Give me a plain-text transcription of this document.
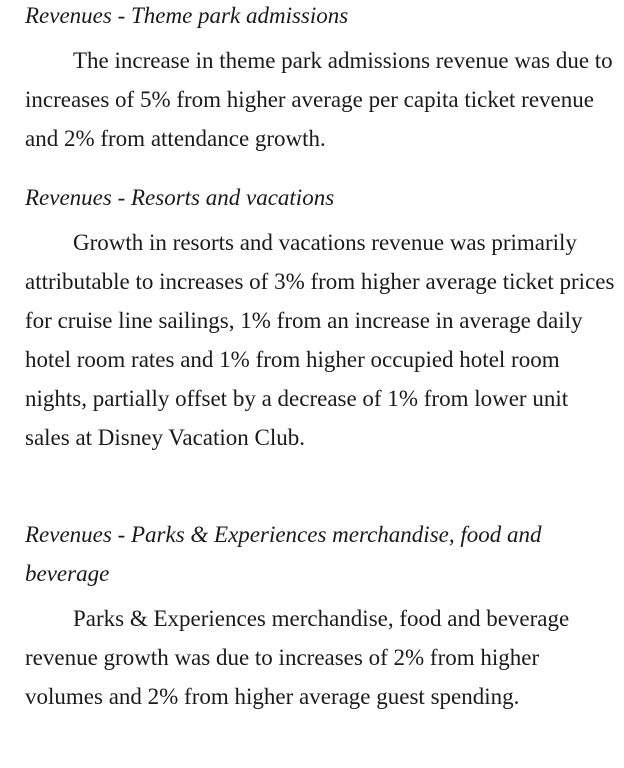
Revenues - Theme park admissions

The increase in theme park admissions revenue was due to increases of 5% from higher average per capita ticket revenue and 2% from attendance growth.

Revenues - Resorts and vacations

Growth in resorts and vacations revenue was primarily attributable to increases of 3% from higher average ticket prices for cruise line sailings, 1% from an increase in average daily hotel room rates and 1% from higher occupied hotel room nights, partially offset by a decrease of 1% from lower unit sales at Disney Vacation Club.

Revenues - Parks & Experiences merchandise, food and beverage

Parks & Experiences merchandise, food and beverage revenue growth was due to increases of 2% from higher volumes and 2% from higher average guest spending.
